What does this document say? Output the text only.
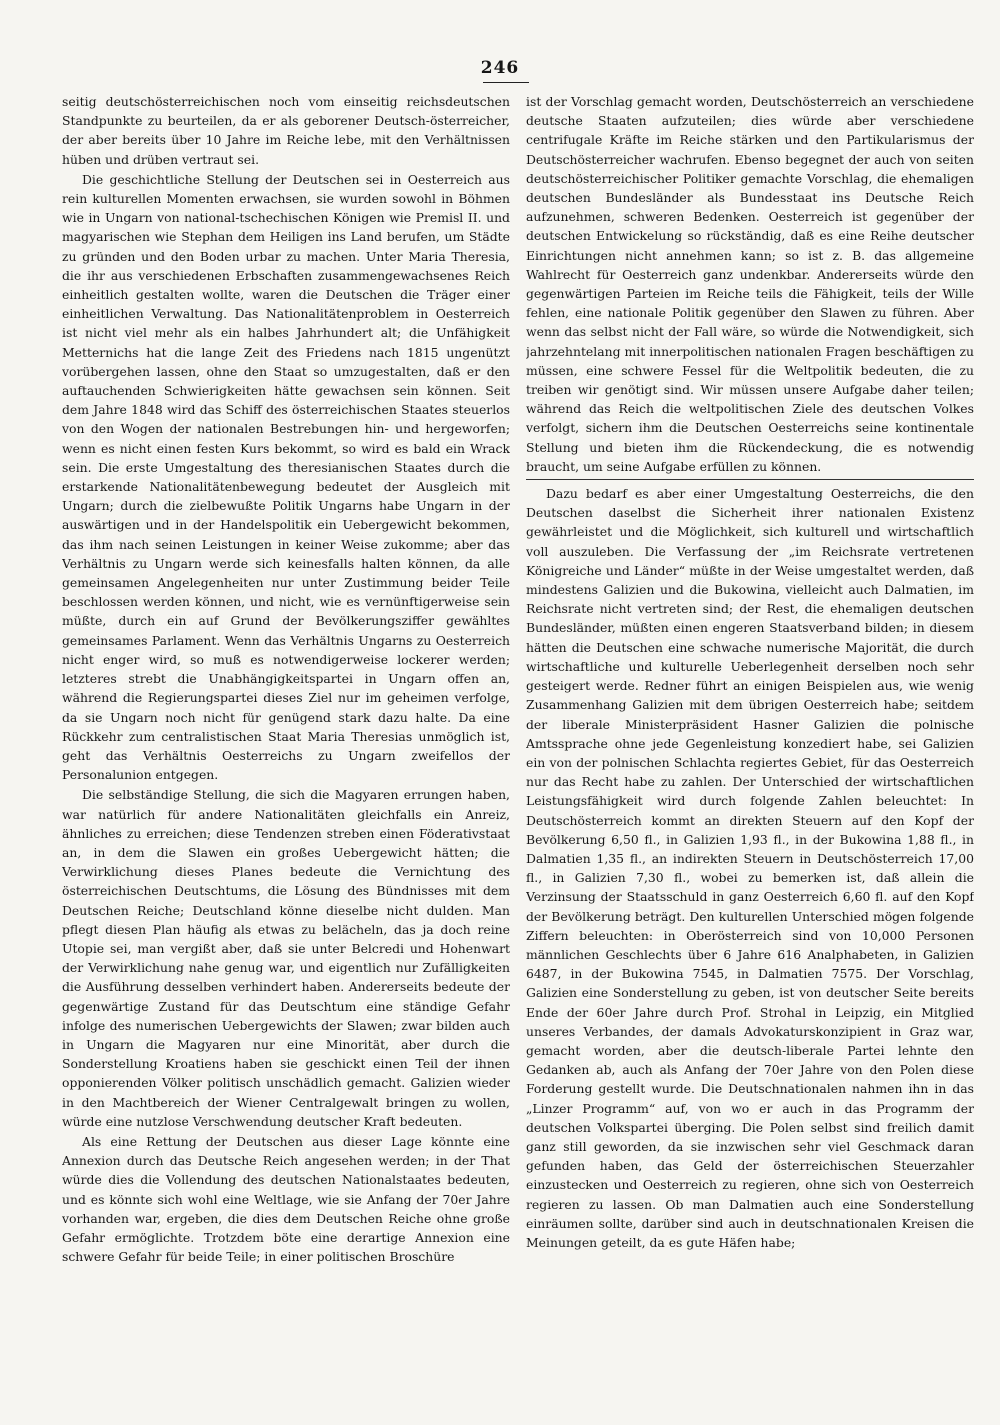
246

seitig deutschösterreichischen noch vom einseitig reichsdeutschen Standpunkte zu beurteilen, da er als geborener Deutsch-österreicher, der aber bereits über 10 Jahre im Reiche lebe, mit den Verhältnissen hüben und drüben vertraut sei.

Die geschichtliche Stellung der Deutschen sei in Oesterreich aus rein kulturellen Momenten erwachsen, sie wurden sowohl in Böhmen wie in Ungarn von national-tschechischen Königen wie Premisl II. und magyarischen wie Stephan dem Heiligen ins Land berufen, um Städte zu gründen und den Boden urbar zu machen. Unter Maria Theresia, die ihr aus verschiedenen Erbschaften zusammengewachsenes Reich einheitlich gestalten wollte, waren die Deutschen die Träger einer einheitlichen Verwaltung. Das Nationalitätenproblem in Oesterreich ist nicht viel mehr als ein halbes Jahrhundert alt; die Unfähigkeit Metternichs hat die lange Zeit des Friedens nach 1815 ungenützt vorübergehen lassen, ohne den Staat so umzugestalten, daß er den auftauchenden Schwierigkeiten hätte gewachsen sein können. Seit dem Jahre 1848 wird das Schiff des österreichischen Staates steuerlos von den Wogen der nationalen Bestrebungen hin- und hergeworfen; wenn es nicht einen festen Kurs bekommt, so wird es bald ein Wrack sein. Die erste Umgestaltung des theresianischen Staates durch die erstarkende Nationalitätenbewegung bedeutet der Ausgleich mit Ungarn; durch die zielbewußte Politik Ungarns habe Ungarn in der auswärtigen und in der Handelspolitik ein Uebergewicht bekommen, das ihm nach seinen Leistungen in keiner Weise zukomme; aber das Verhältnis zu Ungarn werde sich keinesfalls halten können, da alle gemeinsamen Angelegenheiten nur unter Zustimmung beider Teile beschlossen werden können, und nicht, wie es vernünftigerweise sein müßte, durch ein auf Grund der Bevölkerungsziffer gewähltes gemeinsames Parlament. Wenn das Verhältnis Ungarns zu Oesterreich nicht enger wird, so muß es notwendigerweise lockerer werden; letzteres strebt die Unabhängigkeitspartei in Ungarn offen an, während die Regierungspartei dieses Ziel nur im geheimen verfolge, da sie Ungarn noch nicht für genügend stark dazu halte. Da eine Rückkehr zum centralistischen Staat Maria Theresias unmöglich ist, geht das Verhältnis Oesterreichs zu Ungarn zweifellos der Personalunion entgegen.

Die selbständige Stellung, die sich die Magyaren errungen haben, war natürlich für andere Nationalitäten gleichfalls ein Anreiz, ähnliches zu erreichen; diese Tendenzen streben einen Föderativstaat an, in dem die Slawen ein großes Uebergewicht hätten; die Verwirklichung dieses Planes bedeute die Vernichtung des österreichischen Deutschtums, die Lösung des Bündnisses mit dem Deutschen Reiche; Deutschland könne dieselbe nicht dulden. Man pflegt diesen Plan häufig als etwas zu belächeln, das ja doch reine Utopie sei, man vergißt aber, daß sie unter Belcredi und Hohenwart der Verwirklichung nahe genug war, und eigentlich nur Zufälligkeiten die Ausführung desselben verhindert haben. Andererseits bedeute der gegenwärtige Zustand für das Deutschtum eine ständige Gefahr infolge des numerischen Uebergewichts der Slawen; zwar bilden auch in Ungarn die Magyaren nur eine Minorität, aber durch die Sonderstellung Kroatiens haben sie geschickt einen Teil der ihnen opponierenden Völker politisch unschädlich gemacht. Galizien wieder in den Machtbereich der Wiener Centralgewalt bringen zu wollen, würde eine nutzlose Verschwendung deutscher Kraft bedeuten.

Als eine Rettung der Deutschen aus dieser Lage könnte eine Annexion durch das Deutsche Reich angesehen werden; in der That würde dies die Vollendung des deutschen Nationalstaates bedeuten, und es könnte sich wohl eine Weltlage, wie sie Anfang der 70er Jahre vorhanden war, ergeben, die dies dem Deutschen Reiche ohne große Gefahr ermöglichte. Trotzdem böte eine derartige Annexion eine schwere Gefahr für beide Teile; in einer politischen Broschüre

ist der Vorschlag gemacht worden, Deutschösterreich an verschiedene deutsche Staaten aufzuteilen; dies würde aber verschiedene centrifugale Kräfte im Reiche stärken und den Partikularismus der Deutschösterreicher wachrufen. Ebenso begegnet der auch von seiten deutschösterreichischer Politiker gemachte Vorschlag, die ehemaligen deutschen Bundesländer als Bundesstaat ins Deutsche Reich aufzunehmen, schweren Bedenken. Oesterreich ist gegenüber der deutschen Entwickelung so rückständig, daß es eine Reihe deutscher Einrichtungen nicht annehmen kann; so ist z. B. das allgemeine Wahlrecht für Oesterreich ganz undenkbar. Andererseits würde den gegenwärtigen Parteien im Reiche teils die Fähigkeit, teils der Wille fehlen, eine nationale Politik gegenüber den Slawen zu führen. Aber wenn das selbst nicht der Fall wäre, so würde die Notwendigkeit, sich jahrzehntelang mit innerpolitischen nationalen Fragen beschäftigen zu müssen, eine schwere Fessel für die Weltpolitik bedeuten, die zu treiben wir genötigt sind. Wir müssen unsere Aufgabe daher teilen; während das Reich die weltpolitischen Ziele des deutschen Volkes verfolgt, sichern ihm die Deutschen Oesterreichs seine kontinentale Stellung und bieten ihm die Rückendeckung, die es notwendig braucht, um seine Aufgabe erfüllen zu können.

Dazu bedarf es aber einer Umgestaltung Oesterreichs, die den Deutschen daselbst die Sicherheit ihrer nationalen Existenz gewährleistet und die Möglichkeit, sich kulturell und wirtschaftlich voll auszuleben. Die Verfassung der „im Reichsrate vertretenen Königreiche und Länder“ müßte in der Weise umgestaltet werden, daß mindestens Galizien und die Bukowina, vielleicht auch Dalmatien, im Reichsrate nicht vertreten sind; der Rest, die ehemaligen deutschen Bundesländer, müßten einen engeren Staatsverband bilden; in diesem hätten die Deutschen eine schwache numerische Majorität, die durch wirtschaftliche und kulturelle Ueberlegenheit derselben noch sehr gesteigert werde. Redner führt an einigen Beispielen aus, wie wenig Zusammenhang Galizien mit dem übrigen Oesterreich habe; seitdem der liberale Ministerpräsident Hasner Galizien die polnische Amtssprache ohne jede Gegenleistung konzediert habe, sei Galizien ein von der polnischen Schlachta regiertes Gebiet, für das Oesterreich nur das Recht habe zu zahlen. Der Unterschied der wirtschaftlichen Leistungsfähigkeit wird durch folgende Zahlen beleuchtet: In Deutschösterreich kommt an direkten Steuern auf den Kopf der Bevölkerung 6,50 fl., in Galizien 1,93 fl., in der Bukowina 1,88 fl., in Dalmatien 1,35 fl., an indirekten Steuern in Deutschösterreich 17,00 fl., in Galizien 7,30 fl., wobei zu bemerken ist, daß allein die Verzinsung der Staatsschuld in ganz Oesterreich 6,60 fl. auf den Kopf der Bevölkerung beträgt. Den kulturellen Unterschied mögen folgende Ziffern beleuchten: in Oberösterreich sind von 10,000 Personen männlichen Geschlechts über 6 Jahre 616 Analphabeten, in Galizien 6487, in der Bukowina 7545, in Dalmatien 7575. Der Vorschlag, Galizien eine Sonderstellung zu geben, ist von deutscher Seite bereits Ende der 60er Jahre durch Prof. Strohal in Leipzig, ein Mitglied unseres Verbandes, der damals Advokaturskonzipient in Graz war, gemacht worden, aber die deutsch-liberale Partei lehnte den Gedanken ab, auch als Anfang der 70er Jahre von den Polen diese Forderung gestellt wurde. Die Deutschnationalen nahmen ihn in das „Linzer Programm“ auf, von wo er auch in das Programm der deutschen Volkspartei überging. Die Polen selbst sind freilich damit ganz still geworden, da sie inzwischen sehr viel Geschmack daran gefunden haben, das Geld der österreichischen Steuerzahler einzustecken und Oesterreich zu regieren, ohne sich von Oesterreich regieren zu lassen. Ob man Dalmatien auch eine Sonderstellung einräumen sollte, darüber sind auch in deutschnationalen Kreisen die Meinungen geteilt, da es gute Häfen habe;
